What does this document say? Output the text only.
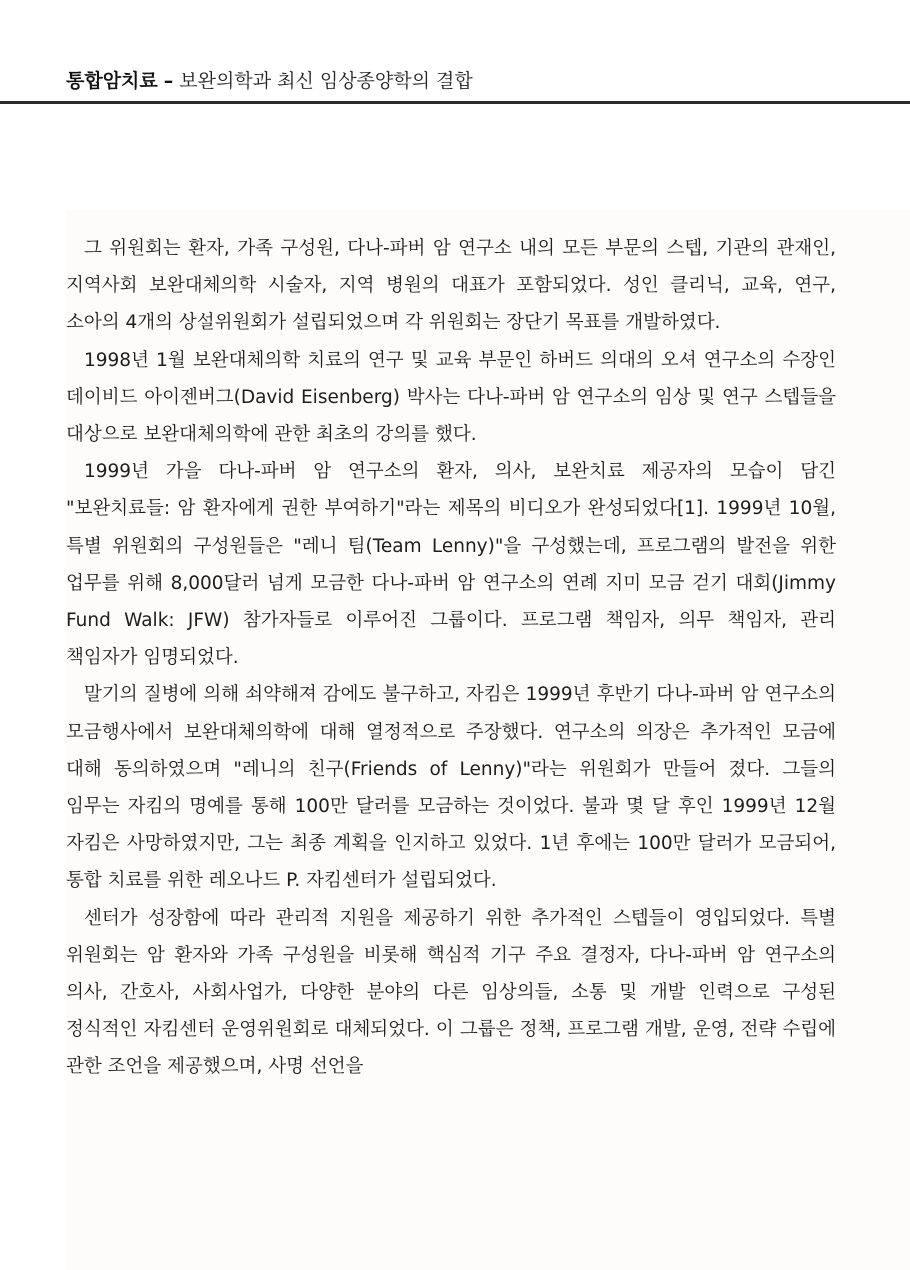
통합암치료 – 보완의학과 최신 임상종양학의 결합

그 위원회는 환자, 가족 구성원, 다나-파버 암 연구소 내의 모든 부문의 스텝, 기관의 관재인, 지역사회 보완대체의학 시술자, 지역 병원의 대표가 포함되었다. 성인 클리닉, 교육, 연구, 소아의 4개의 상설위원회가 설립되었으며 각 위원회는 장단기 목표를 개발하였다.

1998년 1월 보완대체의학 치료의 연구 및 교육 부문인 하버드 의대의 오셔 연구소의 수장인 데이비드 아이젠버그(David Eisenberg) 박사는 다나-파버 암 연구소의 임상 및 연구 스텝들을 대상으로 보완대체의학에 관한 최초의 강의를 했다.

1999년 가을 다나-파버 암 연구소의 환자, 의사, 보완치료 제공자의 모습이 담긴 "보완치료들: 암 환자에게 권한 부여하기"라는 제목의 비디오가 완성되었다[1]. 1999년 10월, 특별 위원회의 구성원들은 "레니 팀(Team Lenny)"을 구성했는데, 프로그램의 발전을 위한 업무를 위해 8,000달러 넘게 모금한 다나-파버 암 연구소의 연례 지미 모금 걷기 대회(Jimmy Fund Walk: JFW) 참가자들로 이루어진 그룹이다. 프로그램 책임자, 의무 책임자, 관리 책임자가 임명되었다.

말기의 질병에 의해 쇠약해져 감에도 불구하고, 자킴은 1999년 후반기 다나-파버 암 연구소의 모금행사에서 보완대체의학에 대해 열정적으로 주장했다. 연구소의 의장은 추가적인 모금에 대해 동의하였으며 "레니의 친구(Friends of Lenny)"라는 위원회가 만들어 졌다. 그들의 임무는 자킴의 명예를 통해 100만 달러를 모금하는 것이었다. 불과 몇 달 후인 1999년 12월 자킴은 사망하였지만, 그는 최종 계획을 인지하고 있었다. 1년 후에는 100만 달러가 모금되어, 통합 치료를 위한 레오나드 P. 자킴센터가 설립되었다.

센터가 성장함에 따라 관리적 지원을 제공하기 위한 추가적인 스텝들이 영입되었다. 특별 위원회는 암 환자와 가족 구성원을 비롯해 핵심적 기구 주요 결정자, 다나-파버 암 연구소의 의사, 간호사, 사회사업가, 다양한 분야의 다른 임상의들, 소통 및 개발 인력으로 구성된 정식적인 자킴센터 운영위원회로 대체되었다. 이 그룹은 정책, 프로그램 개발, 운영, 전략 수립에 관한 조언을 제공했으며, 사명 선언을
